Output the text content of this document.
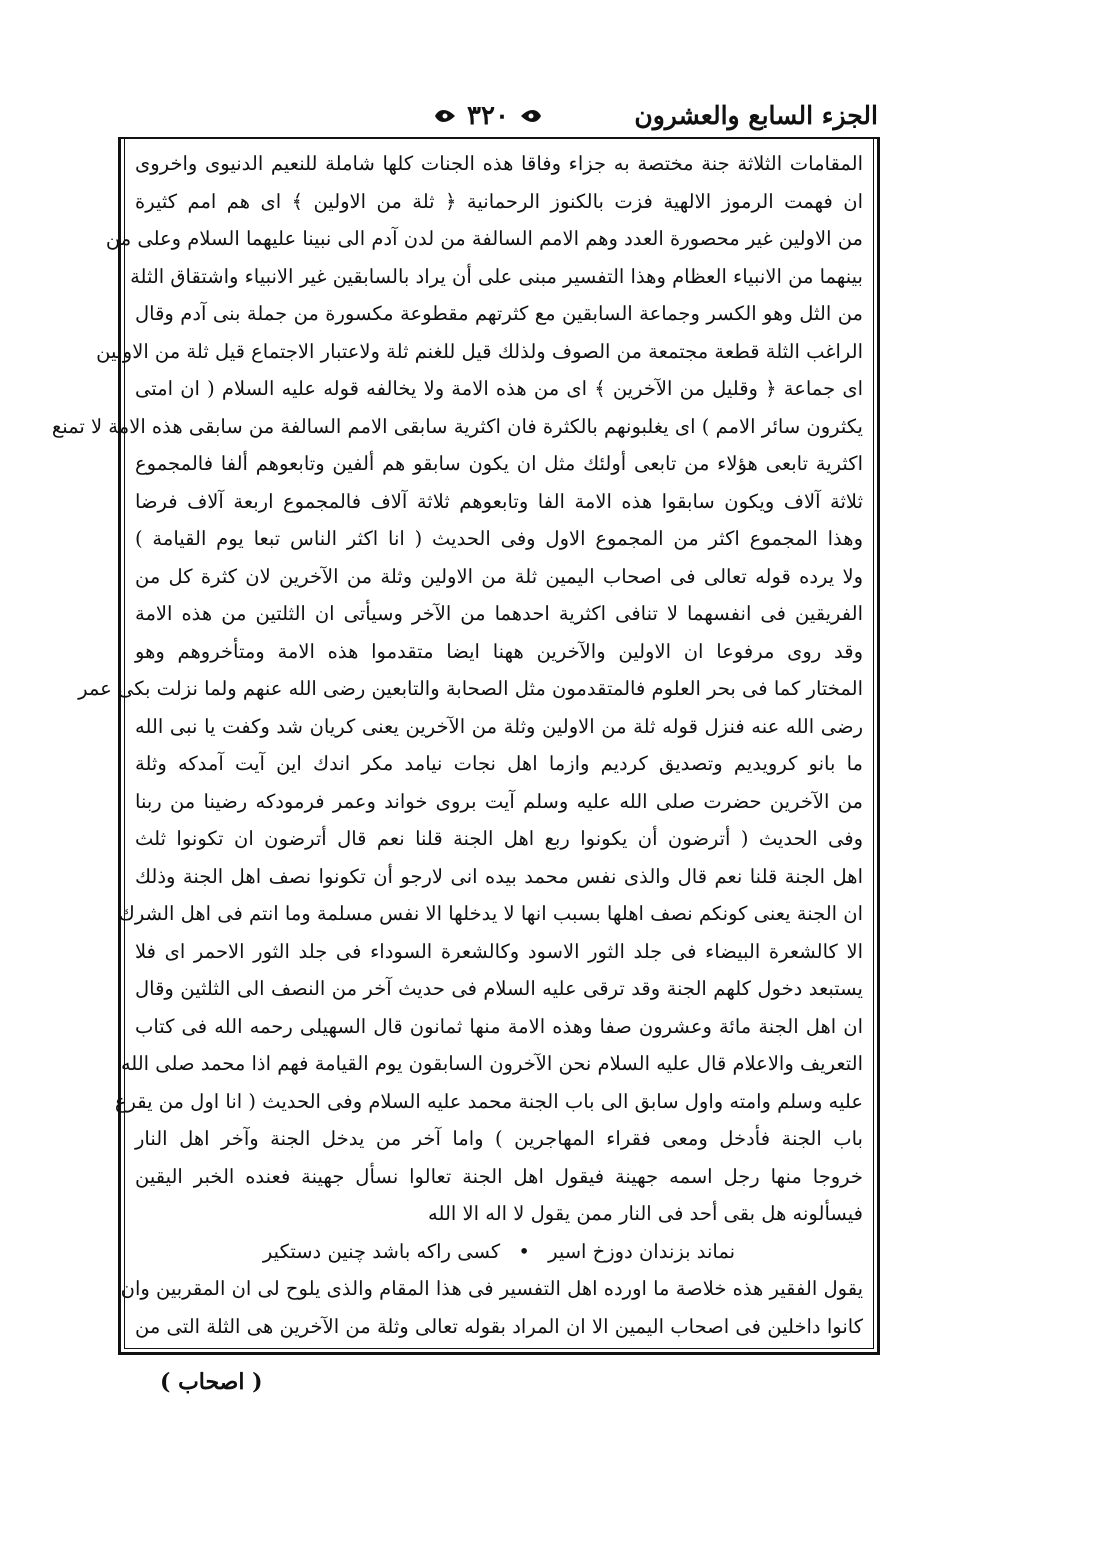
الجزء السابع والعشرون
٣٢٠
المقامات الثلاثة جنة مختصة به جزاء وفاقا هذه الجنات كلها شاملة للنعيم الدنيوى واخروى
ان فهمت الرموز الالهية فزت بالكنوز الرحمانية ﴿ ثلة من الاولين ﴾ اى هم امم كثيرة
من الاولين غير محصورة العدد وهم الامم السالفة من لدن آدم الى نبينا عليهما السلام وعلى من
بينهما من الانبياء العظام وهذا التفسير مبنى على أن يراد بالسابقين غير الانبياء واشتقاق الثلة
من الثل وهو الكسر وجماعة السابقين مع كثرتهم مقطوعة مكسورة من جملة بنى آدم وقال
الراغب الثلة قطعة مجتمعة من الصوف ولذلك قيل للغنم ثلة ولاعتبار الاجتماع قيل ثلة من الاولين
اى جماعة ﴿ وقليل من الآخرين ﴾ اى من هذه الامة ولا يخالفه قوله عليه السلام ( ان امتى
يكثرون سائر الامم ) اى يغلبونهم بالكثرة فان اكثرية سابقى الامم السالفة من سابقى هذه الامة لا تمنع
اكثرية تابعى هؤلاء من تابعى أولئك مثل ان يكون سابقو هم ألفين وتابعوهم ألفا فالمجموع
ثلاثة آلاف ويكون سابقوا هذه الامة الفا وتابعوهم ثلاثة آلاف فالمجموع اربعة آلاف فرضا
وهذا المجموع اكثر من المجموع الاول وفى الحديث ( انا اكثر الناس تبعا يوم القيامة )
ولا يرده قوله تعالى فى اصحاب اليمين ثلة من الاولين وثلة من الآخرين لان كثرة كل من
الفريقين فى انفسهما لا تنافى اكثرية احدهما من الآخر وسيأتى ان الثلتين من هذه الامة
وقد روى مرفوعا ان الاولين والآخرين ههنا ايضا متقدموا هذه الامة ومتأخروهم وهو
المختار كما فى بحر العلوم فالمتقدمون مثل الصحابة والتابعين رضى الله عنهم ولما نزلت بكى عمر
رضى الله عنه فنزل قوله ثلة من الاولين وثلة من الآخرين يعنى كريان شد وكفت يا نبى الله
ما بانو كرويديم وتصديق كرديم وازما اهل نجات نيامد مكر اندك اين آيت آمدكه وثلة
من الآخرين حضرت صلى الله عليه وسلم آيت بروى خواند وعمر فرمودكه رضينا من ربنا
وفى الحديث ( أترضون أن يكونوا ربع اهل الجنة قلنا نعم قال أترضون ان تكونوا ثلث
اهل الجنة قلنا نعم قال والذى نفس محمد بيده انى لارجو أن تكونوا نصف اهل الجنة وذلك
ان الجنة يعنى كونكم نصف اهلها بسبب انها لا يدخلها الا نفس مسلمة وما انتم فى اهل الشرك
الا كالشعرة البيضاء فى جلد الثور الاسود وكالشعرة السوداء فى جلد الثور الاحمر اى فلا
يستبعد دخول كلهم الجنة وقد ترقى عليه السلام فى حديث آخر من النصف الى الثلثين وقال
ان اهل الجنة مائة وعشرون صفا وهذه الامة منها ثمانون قال السهيلى رحمه الله فى كتاب
التعريف والاعلام قال عليه السلام نحن الآخرون السابقون يوم القيامة فهم اذا محمد صلى الله
عليه وسلم وامته واول سابق الى باب الجنة محمد عليه السلام وفى الحديث ( انا اول من يقرع
باب الجنة فأدخل ومعى فقراء المهاجرين ) واما آخر من يدخل الجنة وآخر اهل النار
خروجا منها رجل اسمه جهينة فيقول اهل الجنة تعالوا نسأل جهينة فعنده الخبر اليقين
فيسألونه هل بقى أحد فى النار ممن يقول لا اله الا الله
نماند بزندان دوزخ اسير • كسى راكه باشد چنين دستكير
يقول الفقير هذه خلاصة ما اورده اهل التفسير فى هذا المقام والذى يلوح لى ان المقربين وان
كانوا داخلين فى اصحاب اليمين الا ان المراد بقوله تعالى وثلة من الآخرين هى الثلة التى من
( اصحاب )
